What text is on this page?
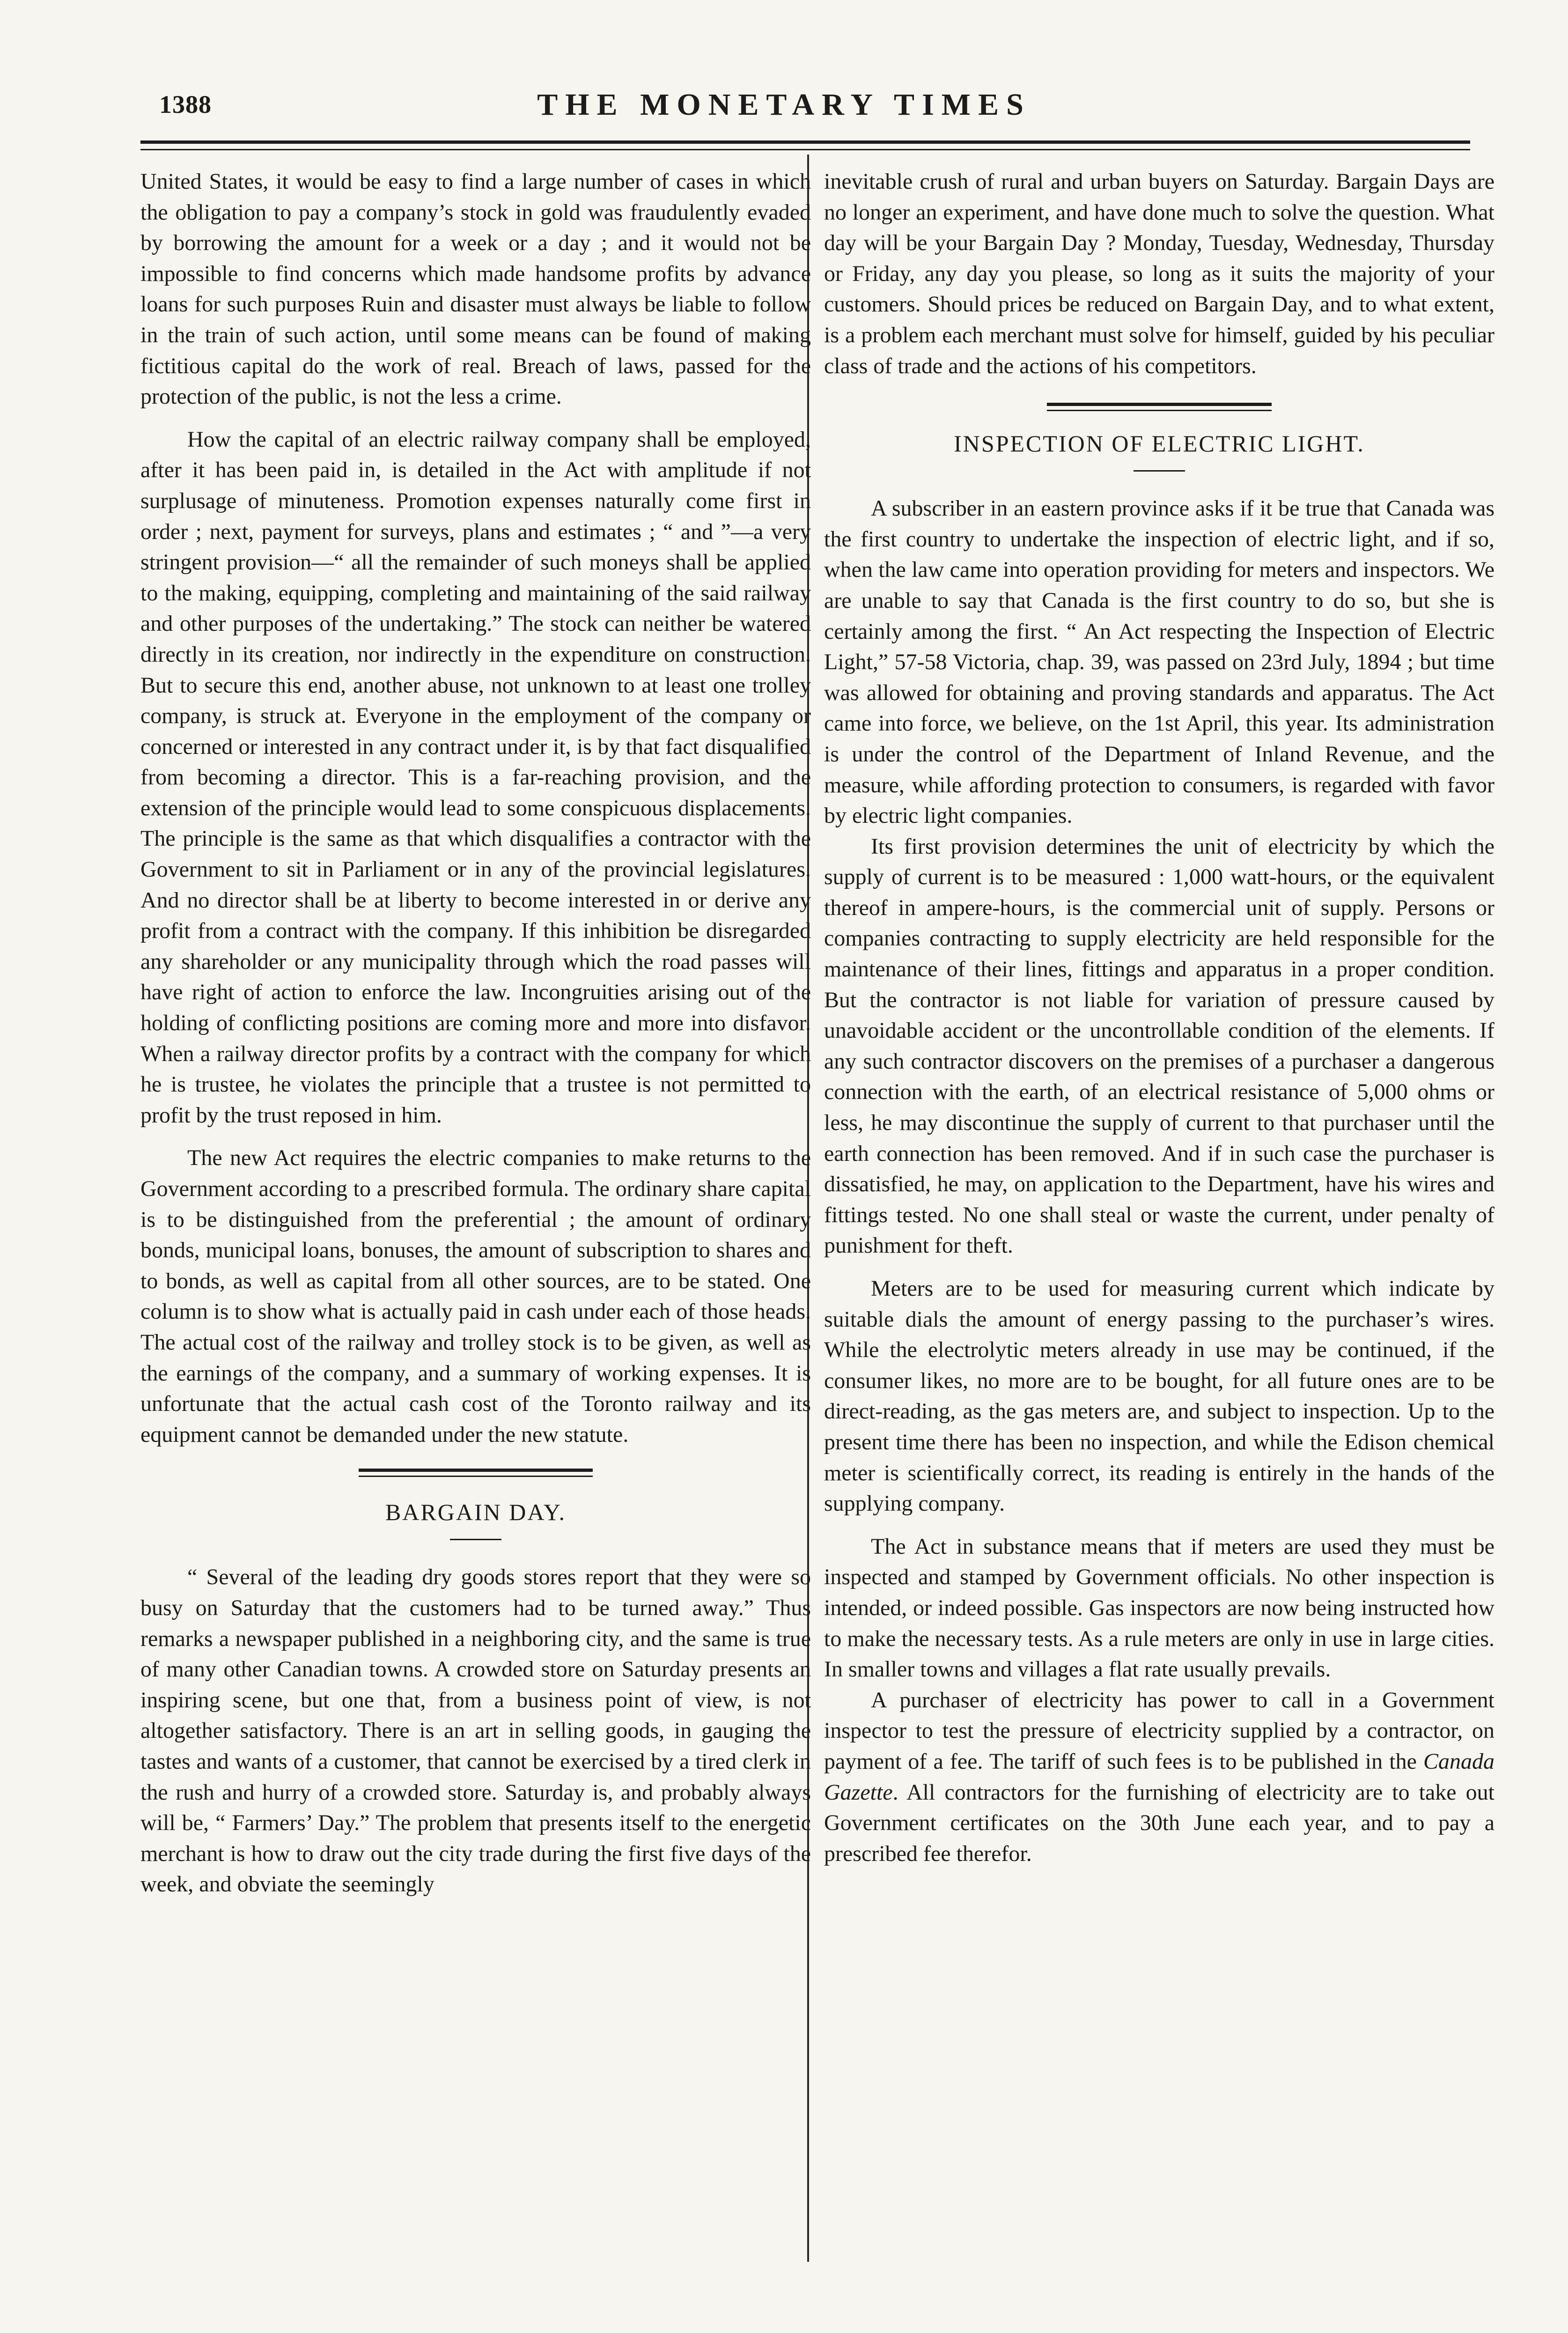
1388	THE MONETARY TIMES

United States, it would be easy to find a large number of cases in which the obligation to pay a company’s stock in gold was fraudulently evaded by borrowing the amount for a week or a day ; and it would not be impossible to find concerns which made handsome profits by advance loans for such purposes Ruin and disaster must always be liable to follow in the train of such action, until some means can be found of making fictitious capital do the work of real. Breach of laws, passed for the protection of the public, is not the less a crime.

How the capital of an electric railway company shall be employed, after it has been paid in, is detailed in the Act with amplitude if not surplusage of minuteness. Promotion expenses naturally come first in order ; next, payment for surveys, plans and estimates ; “ and ”—a very stringent provision—“ all the remainder of such moneys shall be applied to the making, equipping, completing and maintaining of the said railway and other purposes of the undertaking.” The stock can neither be watered directly in its creation, nor indirectly in the expenditure on construction. But to secure this end, another abuse, not unknown to at least one trolley company, is struck at. Everyone in the employment of the company or concerned or interested in any contract under it, is by that fact disqualified from becoming a director. This is a far-reaching provision, and the extension of the principle would lead to some conspicuous displacements. The principle is the same as that which disqualifies a contractor with the Government to sit in Parliament or in any of the provincial legislatures. And no director shall be at liberty to become interested in or derive any profit from a contract with the company. If this inhibition be disregarded any shareholder or any municipality through which the road passes will have right of action to enforce the law. Incongruities arising out of the holding of conflicting positions are coming more and more into disfavor. When a railway director profits by a contract with the company for which he is trustee, he violates the principle that a trustee is not permitted to profit by the trust reposed in him.

The new Act requires the electric companies to make returns to the Government according to a prescribed formula. The ordinary share capital is to be distinguished from the preferential ; the amount of ordinary bonds, municipal loans, bonuses, the amount of subscription to shares and to bonds, as well as capital from all other sources, are to be stated. One column is to show what is actually paid in cash under each of those heads. The actual cost of the railway and trolley stock is to be given, as well as the earnings of the company, and a summary of working expenses. It is unfortunate that the actual cash cost of the Toronto railway and its equipment cannot be demanded under the new statute.

BARGAIN DAY.

“ Several of the leading dry goods stores report that they were so busy on Saturday that the customers had to be turned away.” Thus remarks a newspaper published in a neighboring city, and the same is true of many other Canadian towns. A crowded store on Saturday presents an inspiring scene, but one that, from a business point of view, is not altogether satisfactory. There is an art in selling goods, in gauging the tastes and wants of a customer, that cannot be exercised by a tired clerk in the rush and hurry of a crowded store. Saturday is, and probably always will be, “ Farmers’ Day.” The problem that presents itself to the energetic merchant is how to draw out the city trade during the first five days of the week, and obviate the seemingly

inevitable crush of rural and urban buyers on Saturday. Bargain Days are no longer an experiment, and have done much to solve the question. What day will be your Bargain Day ? Monday, Tuesday, Wednesday, Thursday or Friday, any day you please, so long as it suits the majority of your customers. Should prices be reduced on Bargain Day, and to what extent, is a problem each merchant must solve for himself, guided by his peculiar class of trade and the actions of his competitors.

INSPECTION OF ELECTRIC LIGHT.

A subscriber in an eastern province asks if it be true that Canada was the first country to undertake the inspection of electric light, and if so, when the law came into operation providing for meters and inspectors. We are unable to say that Canada is the first country to do so, but she is certainly among the first. “ An Act respecting the Inspection of Electric Light,” 57-58 Victoria, chap. 39, was passed on 23rd July, 1894 ; but time was allowed for obtaining and proving standards and apparatus. The Act came into force, we believe, on the 1st April, this year. Its administration is under the control of the Department of Inland Revenue, and the measure, while affording protection to consumers, is regarded with favor by electric light companies.

Its first provision determines the unit of electricity by which the supply of current is to be measured : 1,000 watt-hours, or the equivalent thereof in ampere-hours, is the commercial unit of supply. Persons or companies contracting to supply electricity are held responsible for the maintenance of their lines, fittings and apparatus in a proper condition. But the contractor is not liable for variation of pressure caused by unavoidable accident or the uncontrollable condition of the elements. If any such contractor discovers on the premises of a purchaser a dangerous connection with the earth, of an electrical resistance of 5,000 ohms or less, he may discontinue the supply of current to that purchaser until the earth connection has been removed. And if in such case the purchaser is dissatisfied, he may, on application to the Department, have his wires and fittings tested. No one shall steal or waste the current, under penalty of punishment for theft.

Meters are to be used for measuring current which indicate by suitable dials the amount of energy passing to the purchaser’s wires. While the electrolytic meters already in use may be continued, if the consumer likes, no more are to be bought, for all future ones are to be direct-reading, as the gas meters are, and subject to inspection. Up to the present time there has been no inspection, and while the Edison chemical meter is scientifically correct, its reading is entirely in the hands of the supplying company.

The Act in substance means that if meters are used they must be inspected and stamped by Government officials. No other inspection is intended, or indeed possible. Gas inspectors are now being instructed how to make the necessary tests. As a rule meters are only in use in large cities. In smaller towns and villages a flat rate usually prevails.

A purchaser of electricity has power to call in a Government inspector to test the pressure of electricity supplied by a contractor, on payment of a fee. The tariff of such fees is to be published in the Canada Gazette. All contractors for the furnishing of electricity are to take out Government certificates on the 30th June each year, and to pay a prescribed fee therefor.
